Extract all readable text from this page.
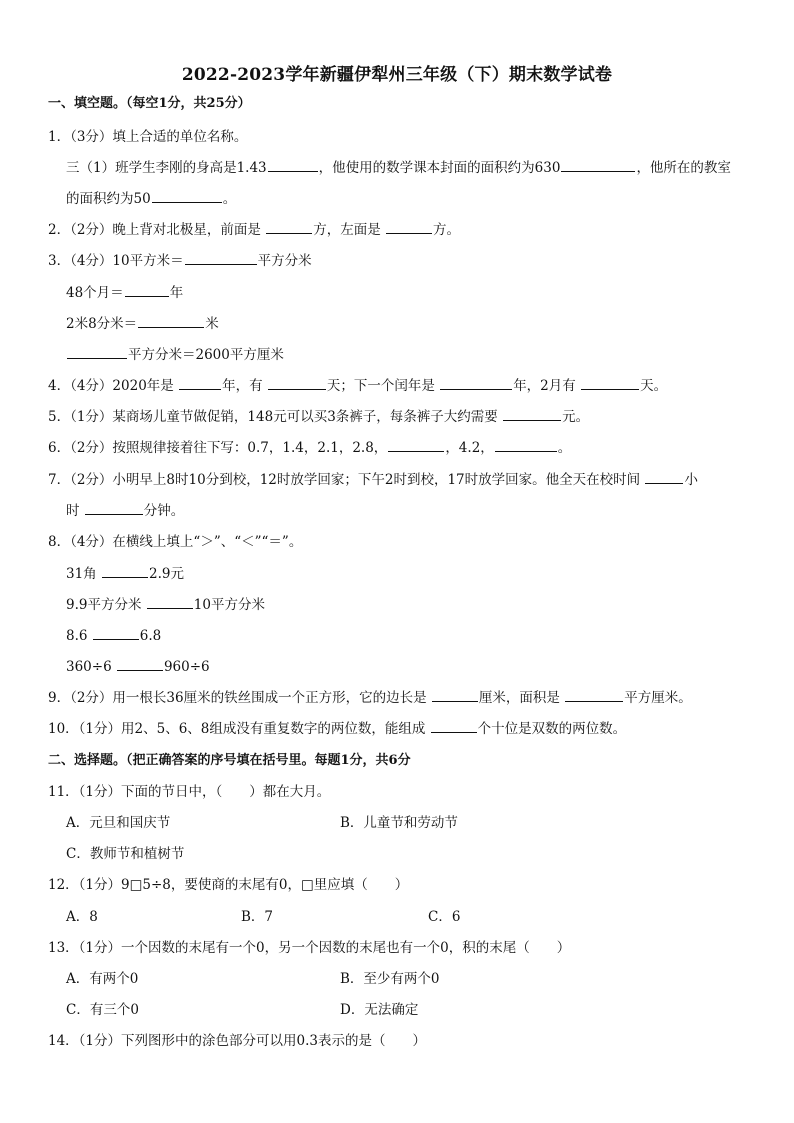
2022-2023学年新疆伊犁州三年级（下）期末数学试卷
一、填空题。（每空1分，共25分）
1．（3分）填上合适的单位名称。
三（1）班学生李刚的身高是1.43	，他使用的数学课本封面的面积约为630	，他所在的教室
的面积约为50	。
2．（2分）晚上背对北极星，前面是	方，左面是	方。
3．（4分）10平方米＝	平方分米
48个月＝	年
2米8分米＝	米
平方分米＝2600平方厘米
4．（4分）2020年是	年，有	天；下一个闰年是	年，2月有	天。
5．（1分）某商场儿童节做促销，148元可以买3条裤子，每条裤子大约需要	元。
6．（2分）按照规律接着往下写：0.7，1.4，2.1，2.8，	，4.2，	。
7．（2分）小明早上8时10分到校，12时放学回家；下午2时到校，17时放学回家。他全天在校时间	小
时	分钟。
8．（4分）在横线上填上“＞”、“＜”“＝”。
31角	2.9元
9.9平方分米	10平方分米
8.6	6.8
360÷6	960÷6
9．（2分）用一根长36厘米的铁丝围成一个正方形，它的边长是	厘米，面积是	平方厘米。
10．（1分）用2、5、6、8组成没有重复数字的两位数，能组成	个十位是双数的两位数。
二、选择题。（把正确答案的序号填在括号里。每题1分，共6分
11．（1分）下面的节日中，（　　）都在大月。
A．元旦和国庆节	B．儿童节和劳动节
C．教师节和植树节
12．（1分）9□5÷8，要使商的末尾有0，□里应填（　　）
A．8	B．7	C．6
13．（1分）一个因数的末尾有一个0，另一个因数的末尾也有一个0，积的末尾（　　）
A．有两个0	B．至少有两个0
C．有三个0	D．无法确定
14．（1分）下列图形中的涂色部分可以用0.3表示的是（　　）
